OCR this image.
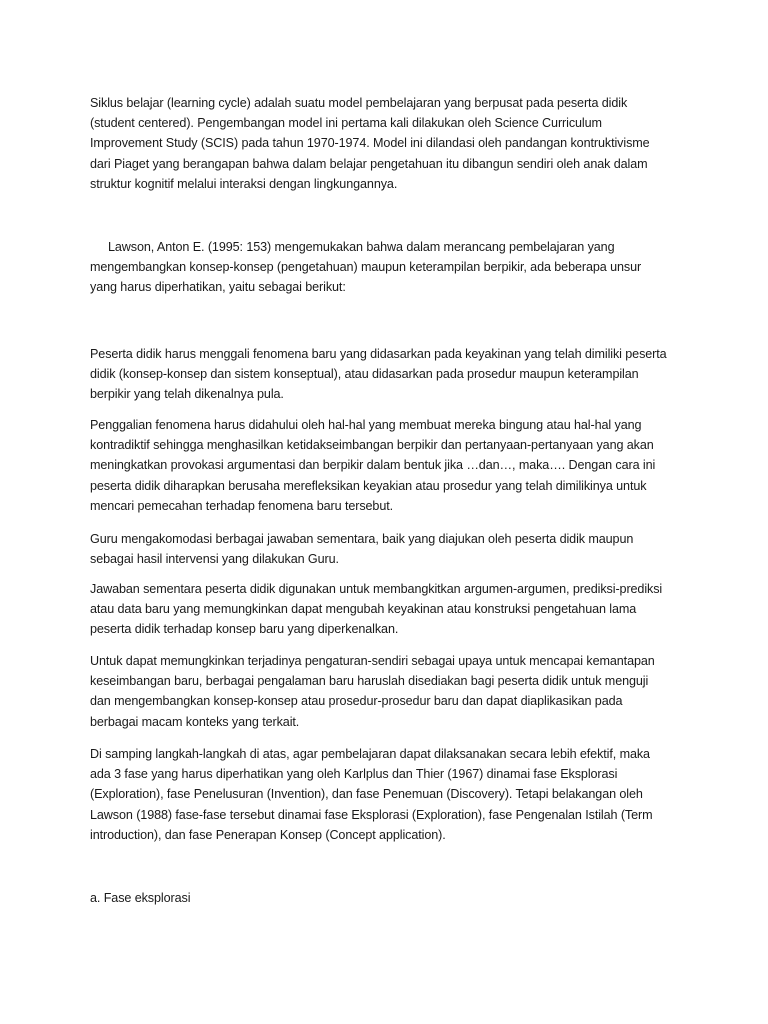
Siklus belajar (learning cycle) adalah suatu model pembelajaran yang berpusat pada peserta didik
(student centered). Pengembangan model ini pertama kali dilakukan oleh Science Curriculum
Improvement Study (SCIS) pada tahun 1970-1974. Model ini dilandasi oleh pandangan kontruktivisme
dari Piaget yang berangapan bahwa dalam belajar pengetahuan itu dibangun sendiri oleh anak dalam
struktur kognitif melalui interaksi dengan lingkungannya.

Lawson, Anton E. (1995: 153) mengemukakan bahwa dalam merancang pembelajaran yang
mengembangkan konsep-konsep (pengetahuan) maupun keterampilan berpikir, ada beberapa unsur
yang harus diperhatikan, yaitu sebagai berikut:

Peserta didik harus menggali fenomena baru yang didasarkan pada keyakinan yang telah dimiliki peserta
didik (konsep-konsep dan sistem konseptual), atau didasarkan pada prosedur maupun keterampilan
berpikir yang telah dikenalnya pula.

Penggalian fenomena harus didahului oleh hal-hal yang membuat mereka bingung atau hal-hal yang
kontradiktif sehingga menghasilkan ketidakseimbangan berpikir dan pertanyaan-pertanyaan yang akan
meningkatkan provokasi argumentasi dan berpikir dalam bentuk jika …dan…, maka…. Dengan cara ini
peserta didik diharapkan berusaha merefleksikan keyakian atau prosedur yang telah dimilikinya untuk
mencari pemecahan terhadap fenomena baru tersebut.

Guru mengakomodasi berbagai jawaban sementara, baik yang diajukan oleh peserta didik maupun
sebagai hasil intervensi yang dilakukan Guru.

Jawaban sementara peserta didik digunakan untuk membangkitkan argumen-argumen, prediksi-prediksi
atau data baru yang memungkinkan dapat mengubah keyakinan atau konstruksi pengetahuan lama
peserta didik terhadap konsep baru yang diperkenalkan.

Untuk dapat memungkinkan terjadinya pengaturan-sendiri sebagai upaya untuk mencapai kemantapan
keseimbangan baru, berbagai pengalaman baru haruslah disediakan bagi peserta didik untuk menguji
dan mengembangkan konsep-konsep atau prosedur-prosedur baru dan dapat diaplikasikan pada
berbagai macam konteks yang terkait.

Di samping langkah-langkah di atas, agar pembelajaran dapat dilaksanakan secara lebih efektif, maka
ada 3 fase yang harus diperhatikan yang oleh Karlplus dan Thier (1967) dinamai fase Eksplorasi
(Exploration), fase Penelusuran (Invention), dan fase Penemuan (Discovery). Tetapi belakangan oleh
Lawson (1988) fase-fase tersebut dinamai fase Eksplorasi (Exploration), fase Pengenalan Istilah (Term
introduction), dan fase Penerapan Konsep (Concept application).

a. Fase eksplorasi
